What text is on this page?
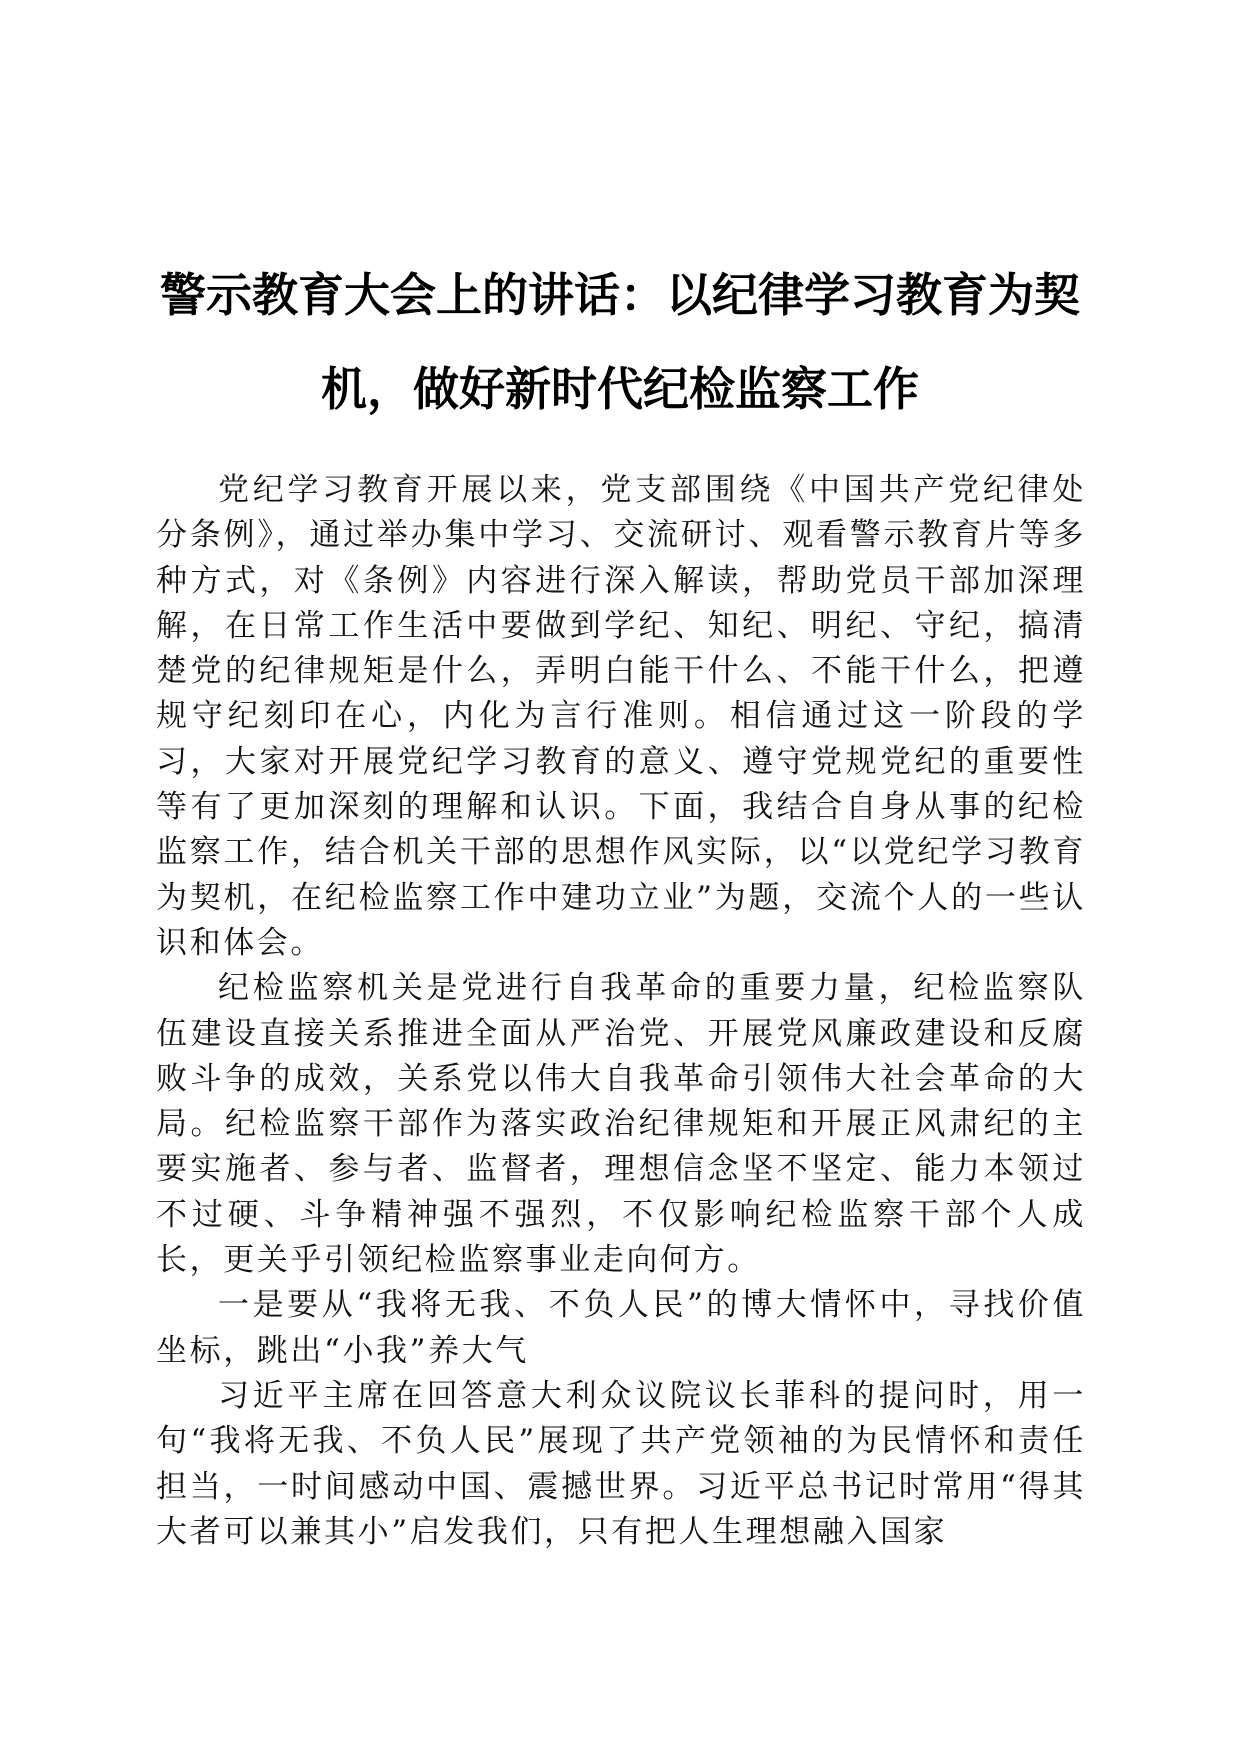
警示教育大会上的讲话：以纪律学习教育为契机，做好新时代纪检监察工作

党纪学习教育开展以来，党支部围绕《中国共产党纪律处分条例》，通过举办集中学习、交流研讨、观看警示教育片等多种方式，对《条例》内容进行深入解读，帮助党员干部加深理解，在日常工作生活中要做到学纪、知纪、明纪、守纪，搞清楚党的纪律规矩是什么，弄明白能干什么、不能干什么，把遵规守纪刻印在心，内化为言行准则。相信通过这一阶段的学习，大家对开展党纪学习教育的意义、遵守党规党纪的重要性等有了更加深刻的理解和认识。下面，我结合自身从事的纪检监察工作，结合机关干部的思想作风实际，以“以党纪学习教育为契机，在纪检监察工作中建功立业”为题，交流个人的一些认识和体会。

纪检监察机关是党进行自我革命的重要力量，纪检监察队伍建设直接关系推进全面从严治党、开展党风廉政建设和反腐败斗争的成效，关系党以伟大自我革命引领伟大社会革命的大局。纪检监察干部作为落实政治纪律规矩和开展正风肃纪的主要实施者、参与者、监督者，理想信念坚不坚定、能力本领过不过硬、斗争精神强不强烈，不仅影响纪检监察干部个人成长，更关乎引领纪检监察事业走向何方。

一是要从“我将无我、不负人民”的博大情怀中，寻找价值坐标，跳出“小我”养大气

习近平主席在回答意大利众议院议长菲科的提问时，用一句“我将无我、不负人民”展现了共产党领袖的为民情怀和责任担当，一时间感动中国、震撼世界。习近平总书记时常用“得其大者可以兼其小”启发我们，只有把人生理想融入国家
